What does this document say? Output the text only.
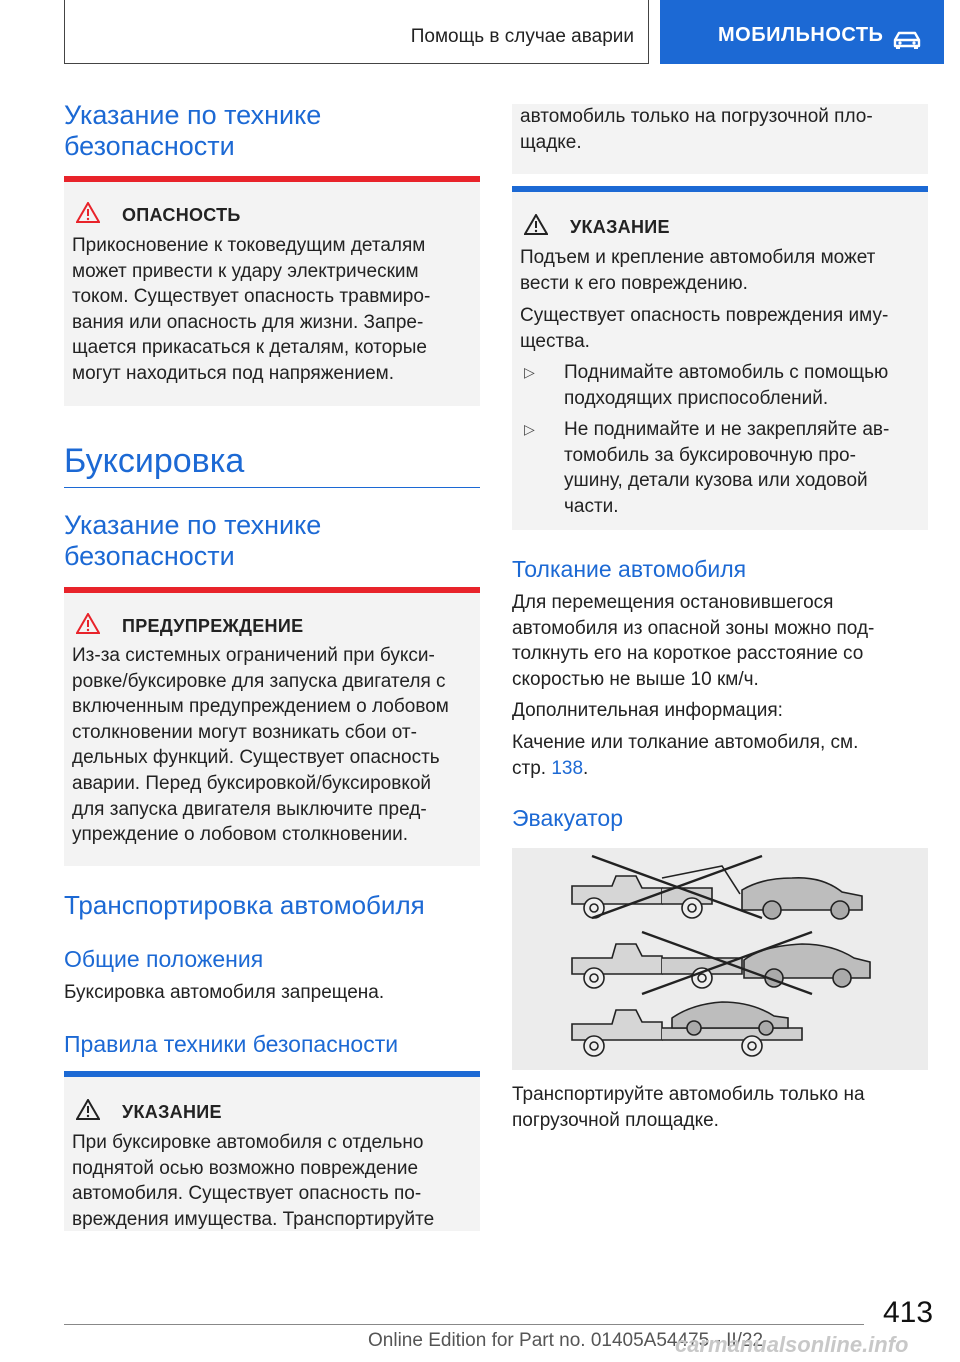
Помощь в случае аварии	МОБИЛЬНОСТЬ
Указание по технике
безопасности
ОПАСНОСТЬ
Прикосновение к токоведущим деталям
может привести к удару электрическим
током. Существует опасность травмиро-
вания или опасность для жизни. Запре-
щается прикасаться к деталям, которые
могут находиться под напряжением.
Буксировка
Указание по технике
безопасности
ПРЕДУПРЕЖДЕНИЕ
Из-за системных ограничений при букси-
ровке/буксировке для запуска двигателя с
включенным предупреждением о лобовом
столкновении могут возникать сбои от-
дельных функций. Существует опасность
аварии. Перед буксировкой/буксировкой
для запуска двигателя выключите пред-
упреждение о лобовом столкновении.
Транспортировка автомобиля
Общие положения
Буксировка автомобиля запрещена.
Правила техники безопасности
УКАЗАНИЕ
При буксировке автомобиля с отдельно
поднятой осью возможно повреждение
автомобиля. Существует опасность по-
вреждения имущества. Транспортируйте
автомобиль только на погрузочной пло-
щадке.
УКАЗАНИЕ
Подъем и крепление автомобиля может
вести к его повреждению.
Существует опасность повреждения иму-
щества.
▷ Поднимайте автомобиль с помощью
подходящих приспособлений.
▷ Не поднимайте и не закрепляйте ав-
томобиль за буксировочную про-
ушину, детали кузова или ходовой
части.
Толкание автомобиля
Для перемещения остановившегося
автомобиля из опасной зоны можно под-
толкнуть его на короткое расстояние со
скоростью не выше 10 км/ч.
Дополнительная информация:
Качение или толкание автомобиля, см.
стр. 138.
Эвакуатор
Транспортируйте автомобиль только на
погрузочной площадке.
413
Online Edition for Part no. 01405A54475 - II/22
carmanualsonline.info
